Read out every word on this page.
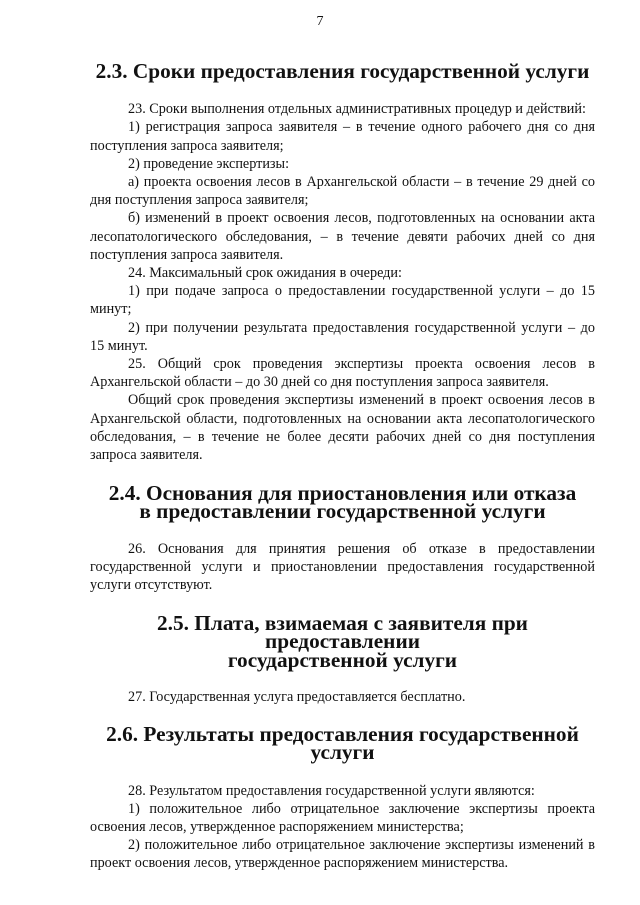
7
2.3. Сроки предоставления государственной услуги

23. Сроки выполнения отдельных административных процедур и действий:

1) регистрация запроса заявителя – в течение одного рабочего дня со дня поступления запроса заявителя;

2) проведение экспертизы:

а) проекта освоения лесов в Архангельской области – в течение 29 дней со дня поступления запроса заявителя;

б) изменений в проект освоения лесов, подготовленных на основании акта лесопатологического обследования, – в течение девяти рабочих дней со дня поступления запроса заявителя.

24. Максимальный срок ожидания в очереди:

1) при подаче запроса о предоставлении государственной услуги – до 15 минут;

2) при получении результата предоставления государственной услуги – до 15 минут.

25. Общий срок проведения экспертизы проекта освоения лесов в Архангельской области – до 30 дней со дня поступления запроса заявителя.

Общий срок проведения экспертизы изменений в проект освоения лесов в Архангельской области, подготовленных на основании акта лесопатологического обследования, – в течение не более десяти рабочих дней со дня поступления запроса заявителя.

2.4. Основания для приостановления или отказа
в предоставлении государственной услуги

26. Основания для принятия решения об отказе в предоставлении государственной услуги и приостановлении предоставления государственной услуги отсутствуют.

2.5. Плата, взимаемая с заявителя при предоставлении
государственной услуги

27. Государственная услуга предоставляется бесплатно.

2.6. Результаты предоставления государственной услуги

28. Результатом предоставления государственной услуги являются:

1) положительное либо отрицательное заключение экспертизы проекта освоения лесов, утвержденное распоряжением министерства;

2) положительное либо отрицательное заключение экспертизы изменений в проект освоения лесов, утвержденное распоряжением министерства.
